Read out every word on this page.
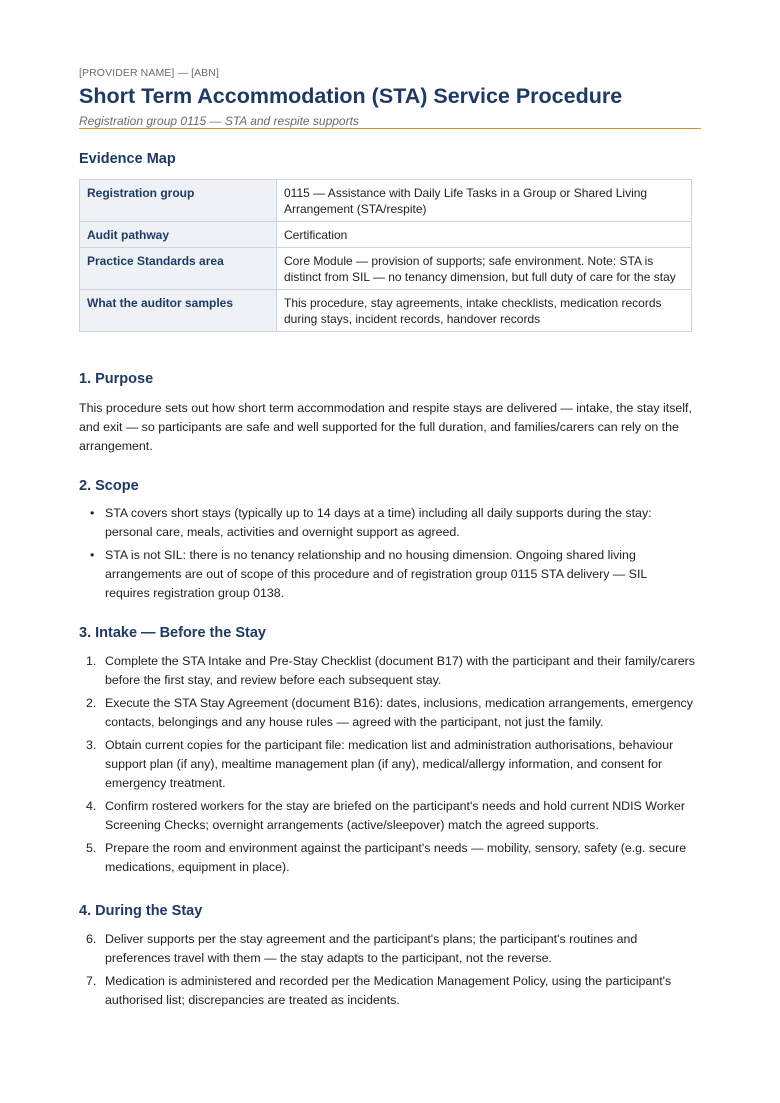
[PROVIDER NAME] — [ABN]
Short Term Accommodation (STA) Service Procedure
Registration group 0115 — STA and respite supports
Evidence Map
Registration group	0115 — Assistance with Daily Life Tasks in a Group or Shared Living Arrangement (STA/respite)
Audit pathway	Certification
Practice Standards area	Core Module — provision of supports; safe environment. Note: STA is distinct from SIL — no tenancy dimension, but full duty of care for the stay
What the auditor samples	This procedure, stay agreements, intake checklists, medication records during stays, incident records, handover records
1. Purpose

This procedure sets out how short term accommodation and respite stays are delivered — intake, the stay itself, and exit — so participants are safe and well supported for the full duration, and families/carers can rely on the arrangement.

2. Scope
• STA covers short stays (typically up to 14 days at a time) including all daily supports during the stay: personal care, meals, activities and overnight support as agreed.
• STA is not SIL: there is no tenancy relationship and no housing dimension. Ongoing shared living arrangements are out of scope of this procedure and of registration group 0115 STA delivery — SIL requires registration group 0138.
3. Intake — Before the Stay
1. Complete the STA Intake and Pre-Stay Checklist (document B17) with the participant and their family/carers before the first stay, and review before each subsequent stay.
2. Execute the STA Stay Agreement (document B16): dates, inclusions, medication arrangements, emergency contacts, belongings and any house rules — agreed with the participant, not just the family.
3. Obtain current copies for the participant file: medication list and administration authorisations, behaviour support plan (if any), mealtime management plan (if any), medical/allergy information, and consent for emergency treatment.
4. Confirm rostered workers for the stay are briefed on the participant's needs and hold current NDIS Worker Screening Checks; overnight arrangements (active/sleepover) match the agreed supports.
5. Prepare the room and environment against the participant's needs — mobility, sensory, safety (e.g. secure medications, equipment in place).
4. During the Stay
6. Deliver supports per the stay agreement and the participant's plans; the participant's routines and preferences travel with them — the stay adapts to the participant, not the reverse.
7. Medication is administered and recorded per the Medication Management Policy, using the participant's authorised list; discrepancies are treated as incidents.
